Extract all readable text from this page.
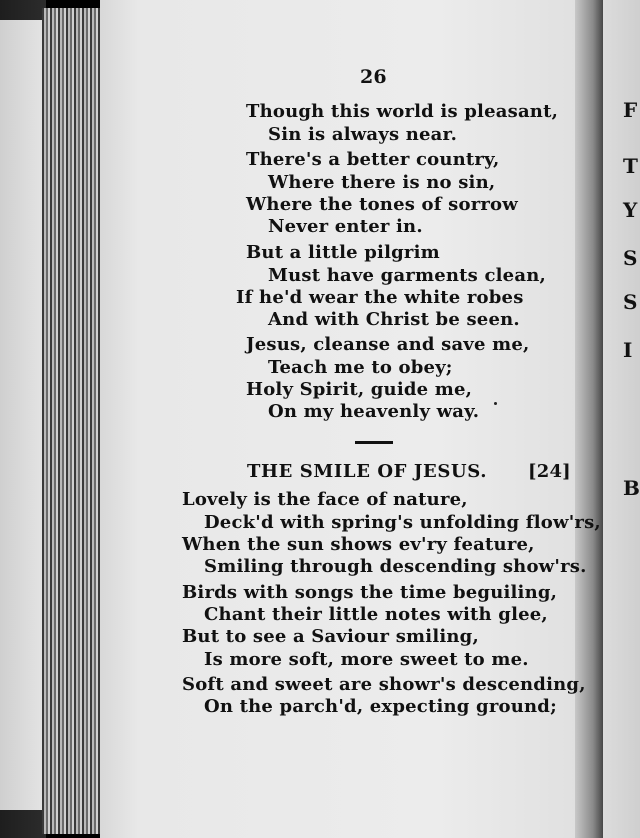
F
T
Y
S
S
I
B
26
Though this world is pleasant,
Sin is always near.
There's a better country,
Where there is no sin,
Where the tones of sorrow
Never enter in.
But a little pilgrim
Must have garments clean,
If he'd wear the white robes
And with Christ be seen.
Jesus, cleanse and save me,
Teach me to obey;
Holy Spirit, guide me,
On my heavenly way.
THE SMILE OF JESUS. [24]
Lovely is the face of nature,
Deck'd with spring's unfolding flow'rs,
When the sun shows ev'ry feature,
Smiling through descending show'rs.
Birds with songs the time beguiling,
Chant their little notes with glee,
But to see a Saviour smiling,
Is more soft, more sweet to me.
Soft and sweet are showr's descending,
On the parch'd, expecting ground;
